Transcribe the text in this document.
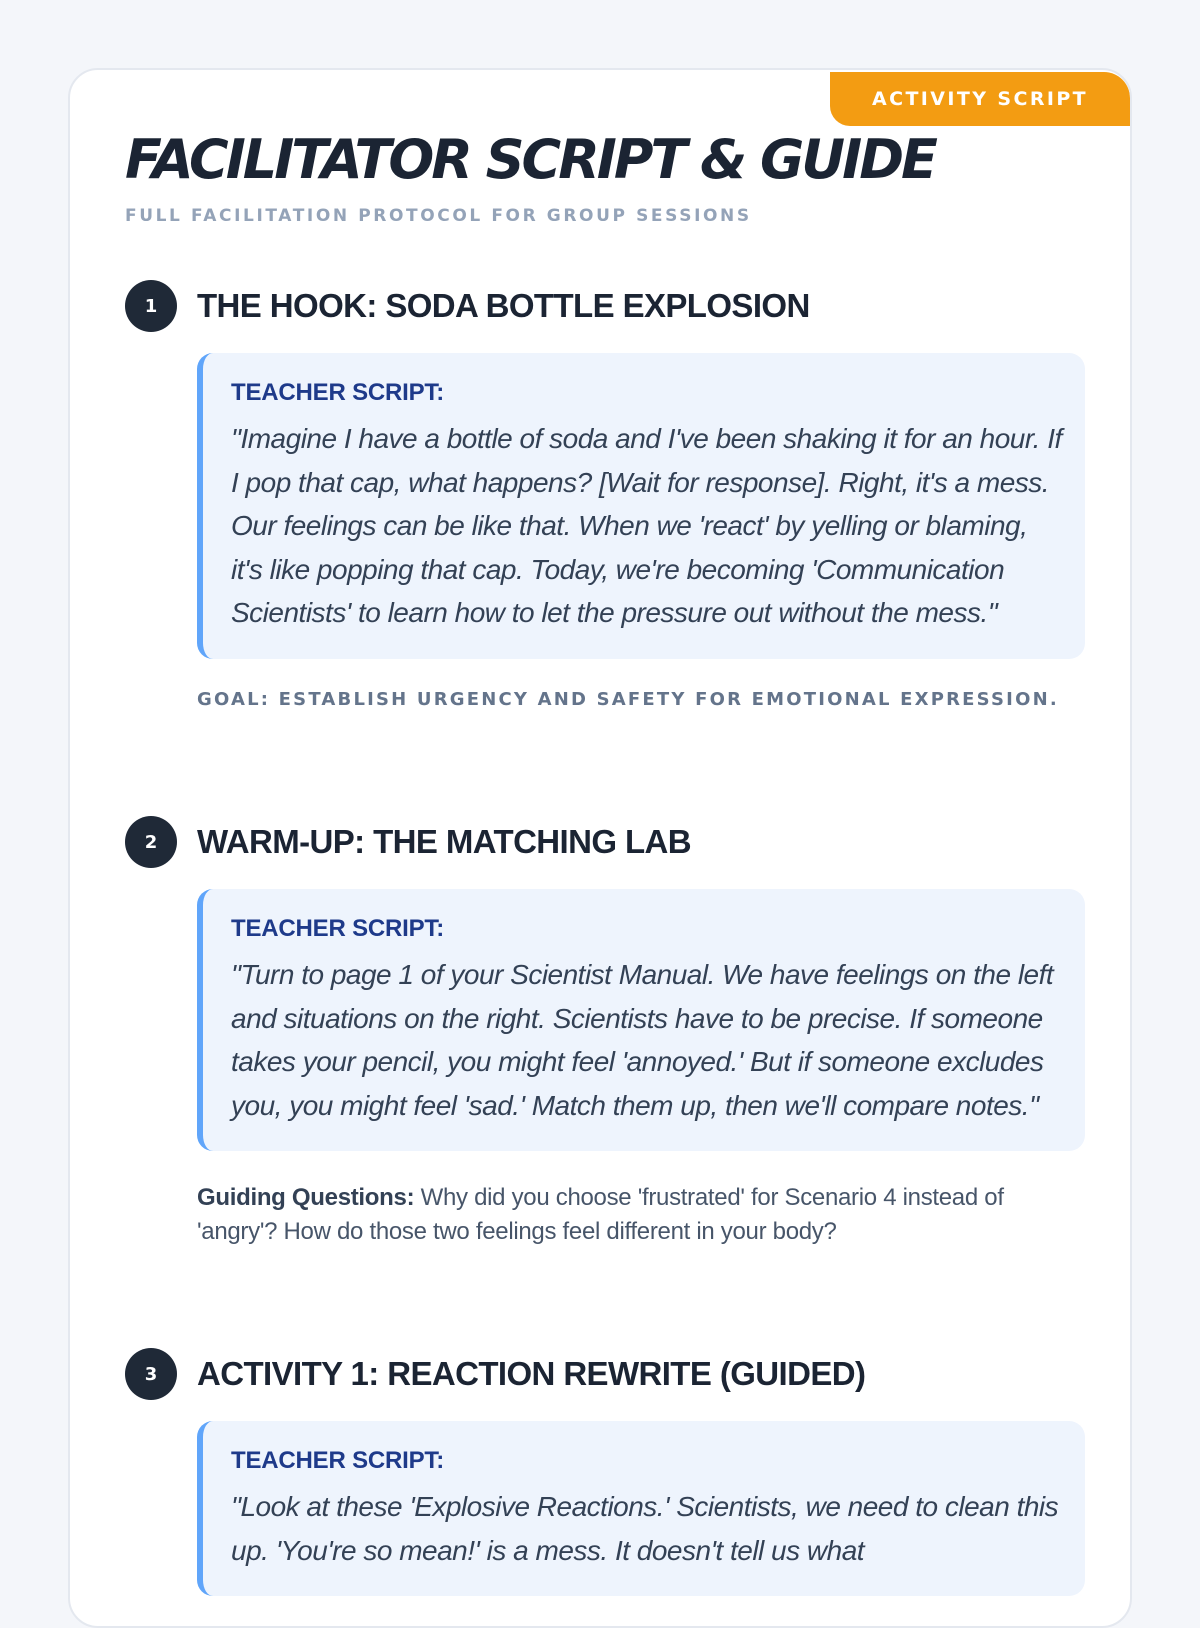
ACTIVITY SCRIPT
FACILITATOR SCRIPT & GUIDE
FULL FACILITATION PROTOCOL FOR GROUP SESSIONS
1	THE HOOK: SODA BOTTLE EXPLOSION
TEACHER SCRIPT:

"Imagine I have a bottle of soda and I've been shaking it for an hour. If I pop that cap, what happens? [Wait for response]. Right, it's a mess. Our feelings can be like that. When we 'react' by yelling or blaming, it's like popping that cap. Today, we're becoming 'Communication Scientists' to learn how to let the pressure out without the mess."

GOAL: ESTABLISH URGENCY AND SAFETY FOR EMOTIONAL EXPRESSION.
2	WARM-UP: THE MATCHING LAB
TEACHER SCRIPT:

"Turn to page 1 of your Scientist Manual. We have feelings on the left and situations on the right. Scientists have to be precise. If someone takes your pencil, you might feel 'annoyed.' But if someone excludes you, you might feel 'sad.' Match them up, then we'll compare notes."

Guiding Questions: Why did you choose 'frustrated' for Scenario 4 instead of 'angry'? How do those two feelings feel different in your body?

3	ACTIVITY 1: REACTION REWRITE (GUIDED)
TEACHER SCRIPT:

"Look at these 'Explosive Reactions.' Scientists, we need to clean this up. 'You're so mean!' is a mess. It doesn't tell us what
